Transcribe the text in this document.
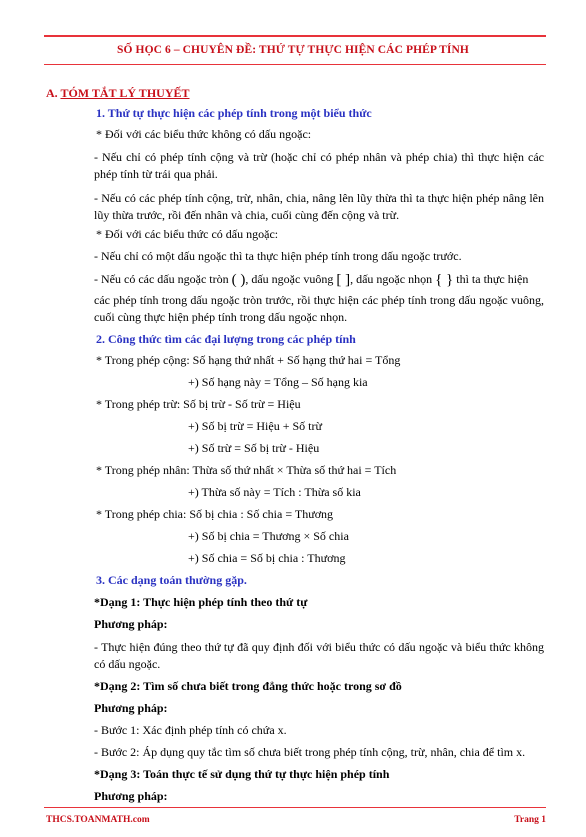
SỐ HỌC 6 – CHUYÊN ĐỀ: THỨ TỰ THỰC HIỆN CÁC PHÉP TÍNH
A. TÓM TẮT LÝ THUYẾT
1. Thứ tự thực hiện các phép tính trong một biểu thức
* Đối với các biểu thức không có dấu ngoặc:
- Nếu chỉ có phép tính cộng và trừ (hoặc chỉ có phép nhân và phép chia) thì thực hiện các phép tính từ trái qua phải.
- Nếu có các phép tính cộng, trừ, nhân, chia, nâng lên lũy thừa thì ta thực hiện phép nâng lên lũy thừa trước, rồi đến nhân và chia, cuối cùng đến cộng và trừ.
* Đối với các biểu thức có dấu ngoặc:
- Nếu chỉ có một dấu ngoặc thì ta thực hiện phép tính trong dấu ngoặc trước.
- Nếu có các dấu ngoặc tròn ( ), dấu ngoặc vuông [ ], dấu ngoặc nhọn { } thì ta thực hiện
các phép tính trong dấu ngoặc tròn trước, rồi thực hiện các phép tính trong dấu ngoặc vuông, cuối cùng thực hiện phép tính trong dấu ngoặc nhọn.
2. Công thức tìm các đại lượng trong các phép tính
* Trong phép cộng: Số hạng thứ nhất + Số hạng thứ hai = Tổng
+) Số hạng này = Tổng – Số hạng kia
* Trong phép trừ: Số bị trừ - Số trừ = Hiệu
+) Số bị trừ = Hiệu + Số trừ
+) Số trừ = Số bị trừ - Hiệu
* Trong phép nhân: Thừa số thứ nhất × Thừa số thứ hai = Tích
+) Thừa số này = Tích : Thừa số kia
* Trong phép chia: Số bị chia : Số chia = Thương
+) Số bị chia = Thương × Số chia
+) Số chia = Số bị chia : Thương
3. Các dạng toán thường gặp.
*Dạng 1: Thực hiện phép tính theo thứ tự
Phương pháp:
- Thực hiện đúng theo thứ tự đã quy định đối với biểu thức có dấu ngoặc và biểu thức không có dấu ngoặc.
*Dạng 2: Tìm số chưa biết trong đẳng thức hoặc trong sơ đồ
Phương pháp:
- Bước 1: Xác định phép tính có chứa x.
- Bước 2: Áp dụng quy tắc tìm số chưa biết trong phép tính cộng, trừ, nhân, chia để tìm x.
*Dạng 3: Toán thực tế sử dụng thứ tự thực hiện phép tính
Phương pháp:
THCS.TOANMATH.com	Trang 1
